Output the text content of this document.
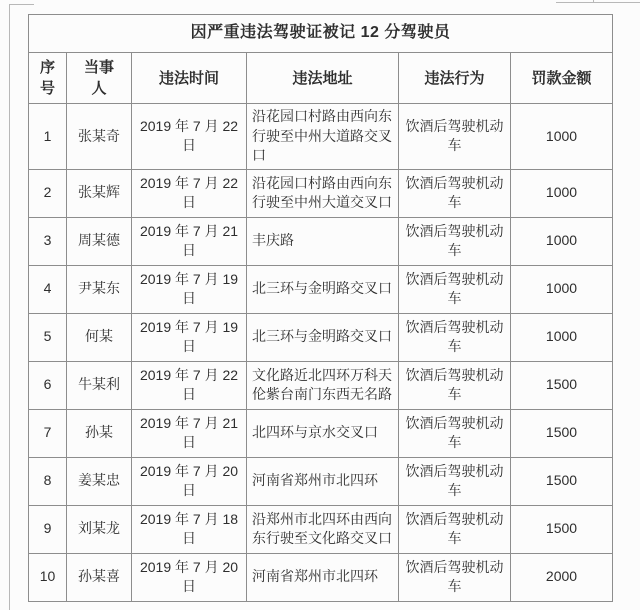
因严重违法驾驶证被记 12 分驾驶员					
序号	当事人	违法时间	违法地址	违法行为	罚款金额
1	张某奇	2019 年 7 月 22 日	沿花园口村路由西向东行驶至中州大道路交叉口	饮酒后驾驶机动车	1000
2	张某辉	2019 年 7 月 22 日	沿花园口村路由西向东行驶至中州大道交叉口	饮酒后驾驶机动车	1000
3	周某德	2019 年 7 月 21 日	丰庆路	饮酒后驾驶机动车	1000
4	尹某东	2019 年 7 月 19 日	北三环与金明路交叉口	饮酒后驾驶机动车	1000
5	何某	2019 年 7 月 19 日	北三环与金明路交叉口	饮酒后驾驶机动车	1000
6	牛某利	2019 年 7 月 22 日	文化路近北四环万科天伦紫台南门东西无名路	饮酒后驾驶机动车	1500
7	孙某	2019 年 7 月 21 日	北四环与京水交叉口	饮酒后驾驶机动车	1500
8	姜某忠	2019 年 7 月 20 日	河南省郑州市北四环	饮酒后驾驶机动车	1500
9	刘某龙	2019 年 7 月 18 日	沿郑州市北四环由西向东行驶至文化路交叉口	饮酒后驾驶机动车	1500
10	孙某喜	2019 年 7 月 20 日	河南省郑州市北四环	饮酒后驾驶机动车	2000
